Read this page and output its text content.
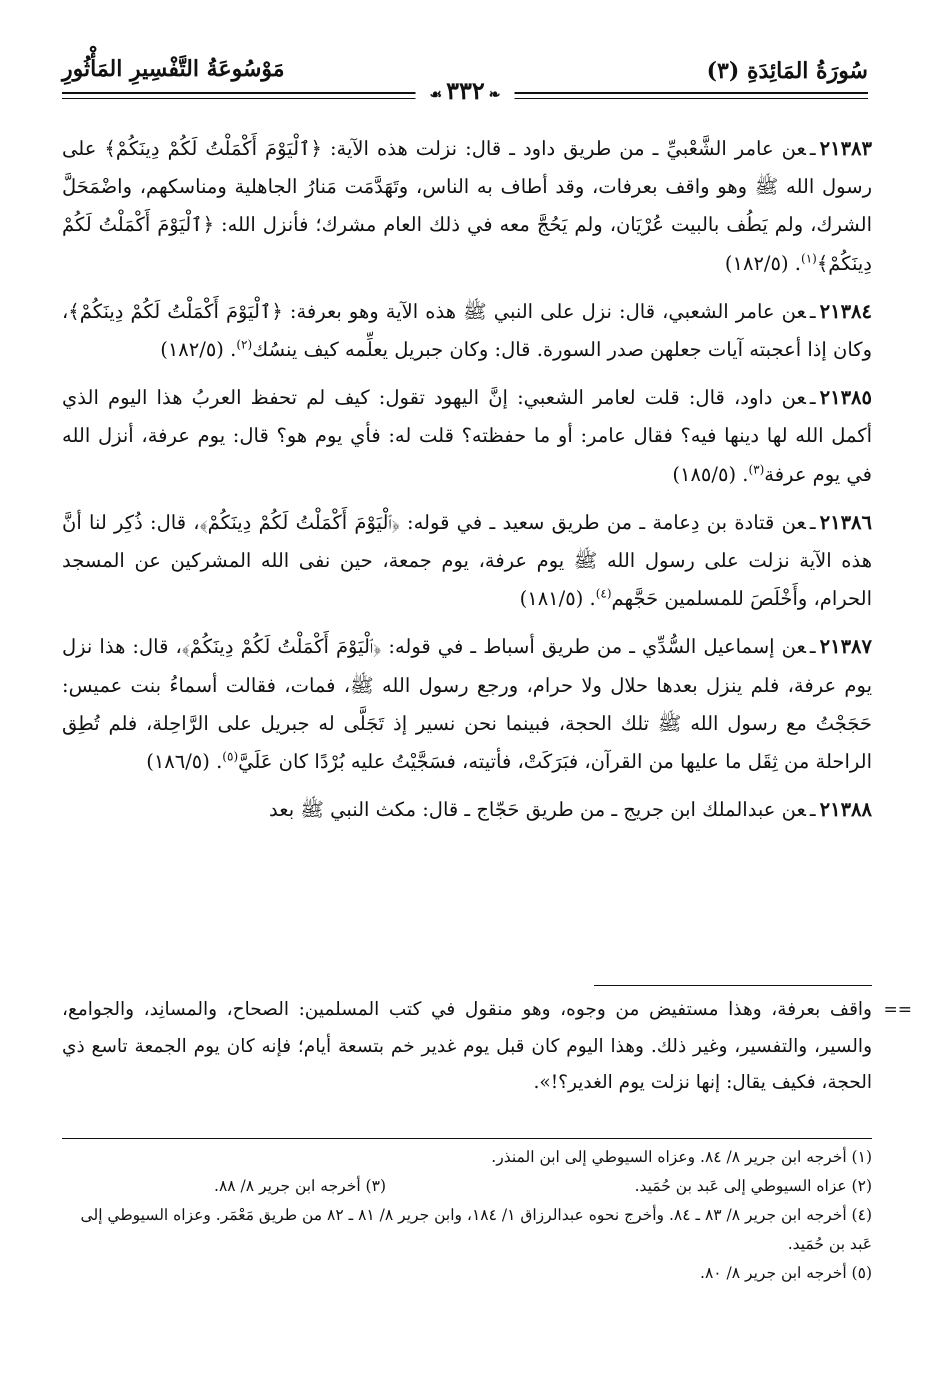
سُورَةُ المَائِدَةِ (٣)
مَوْسُوعَةُ التَّفْسِيرِ المَأْثُورِ
❧٣٣٢☙

٢١٣٨٣ـعن عامر الشَّعْبيِّ ـ من طريق داود ـ قال: نزلت هذه الآية: ﴿ٱلْيَوْمَ أَكْمَلْتُ لَكُمْ دِينَكُمْ﴾ على رسول الله ﷺ وهو واقف بعرفات، وقد أطاف به الناس، وتَهَدَّمَت مَنارُ الجاهلية ومناسكهم، واضْمَحَلَّ الشرك، ولم يَطُف بالبيت عُرْيَان، ولم يَحُجَّ معه في ذلك العام مشرك؛ فأنزل الله: ﴿ٱلْيَوْمَ أَكْمَلْتُ لَكُمْ دِينَكُمْ﴾$^{(١)}$. (١٨٢/٥)

٢١٣٨٤ـعن عامر الشعبي، قال: نزل على النبي ﷺ هذه الآية وهو بعرفة: ﴿ٱلْيَوْمَ أَكْمَلْتُ لَكُمْ دِينَكُمْ﴾، وكان إذا أعجبته آيات جعلهن صدر السورة. قال: وكان جبريل يعلِّمه كيف ينسُك$^{(٢)}$. (١٨٢/٥)

٢١٣٨٥ـعن داود، قال: قلت لعامر الشعبي: إنَّ اليهود تقول: كيف لم تحفظ العربُ هذا اليوم الذي أكمل الله لها دينها فيه؟ فقال عامر: أو ما حفظته؟ قلت له: فأي يوم هو؟ قال: يوم عرفة، أنزل الله في يوم عرفة$^{(٣)}$. (١٨٥/٥)

٢١٣٨٦ـعن قتادة بن دِعامة ـ من طريق سعيد ـ في قوله: ﴿ٱلْيَوْمَ أَكْمَلْتُ لَكُمْ دِينَكُمْ﴾، قال: ذُكِر لنا أنَّ هذه الآية نزلت على رسول الله ﷺ يوم عرفة، يوم جمعة، حين نفى الله المشركين عن المسجد الحرام، وأَخْلَصَ للمسلمين حَجَّهم$^{(٤)}$. (١٨١/٥)

٢١٣٨٧ـعن إسماعيل السُّدِّي ـ من طريق أسباط ـ في قوله: ﴿ٱلْيَوْمَ أَكْمَلْتُ لَكُمْ دِينَكُمْ﴾، قال: هذا نزل يوم عرفة، فلم ينزل بعدها حلال ولا حرام، ورجع رسول الله ﷺ، فمات، فقالت أسماءُ بنت عميس: حَجَجْتُ مع رسول الله ﷺ تلك الحجة، فبينما نحن نسير إذ تَجَلَّى له جبريل على الرَّاحِلة، فلم تُطِق الراحلة من ثِقَل ما عليها من القرآن، فبَرَكَتْ، فأتيته، فسَجَّيْتُ عليه بُرْدًا كان عَلَيَّ$^{(٥)}$. (١٨٦/٥)

٢١٣٨٨ـعن عبدالملك ابن جريج ـ من طريق حَجّاج ـ قال: مكث النبي ﷺ بعد

==
واقف بعرفة، وهذا مستفيض من وجوه، وهو منقول في كتب المسلمين: الصحاح، والمسانِد، والجوامع، والسير، والتفسير، وغير ذلك. وهذا اليوم كان قبل يوم غدير خم بتسعة أيام؛ فإنه كان يوم الجمعة تاسع ذي الحجة، فكيف يقال: إنها نزلت يوم الغدير؟!».

(١) أخرجه ابن جرير ٨/ ٨٤. وعزاه السيوطي إلى ابن المنذر.

(٢) عزاه السيوطي إلى عَبد بن حُمَيد.

(٣) أخرجه ابن جرير ٨/ ٨٨.

(٤) أخرجه ابن جرير ٨/ ٨٣ ـ ٨٤. وأخرج نحوه عبدالرزاق ١/ ١٨٤، وابن جرير ٨/ ٨١ ـ ٨٢ من طريق مَعْمَر. وعزاه السيوطي إلى عَبد بن حُمَيد.

(٥) أخرجه ابن جرير ٨/ ٨٠.
